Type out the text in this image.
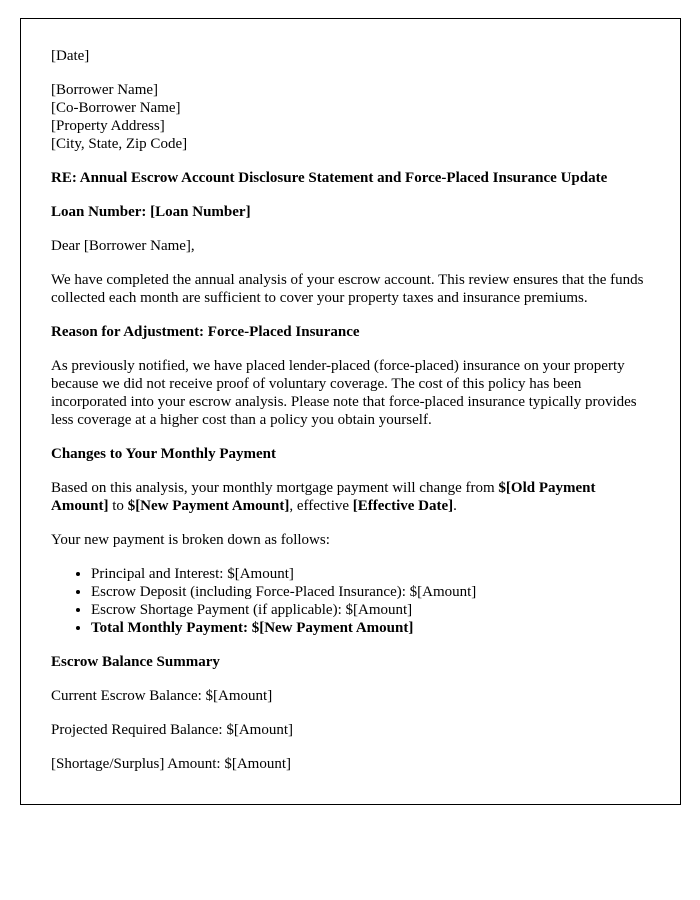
[Date]

[Borrower Name]
[Co-Borrower Name]
[Property Address]
[City, State, Zip Code]

RE: Annual Escrow Account Disclosure Statement and Force-Placed Insurance Update

Loan Number: [Loan Number]

Dear [Borrower Name],

We have completed the annual analysis of your escrow account. This review ensures that the funds collected each month are sufficient to cover your property taxes and insurance premiums.

Reason for Adjustment: Force-Placed Insurance

As previously notified, we have placed lender-placed (force-placed) insurance on your property because we did not receive proof of voluntary coverage. The cost of this policy has been incorporated into your escrow analysis. Please note that force-placed insurance typically provides less coverage at a higher cost than a policy you obtain yourself.

Changes to Your Monthly Payment

Based on this analysis, your monthly mortgage payment will change from $[Old Payment Amount] to $[New Payment Amount], effective [Effective Date].

Your new payment is broken down as follows:

• Principal and Interest: $[Amount]
• Escrow Deposit (including Force-Placed Insurance): $[Amount]
• Escrow Shortage Payment (if applicable): $[Amount]
• Total Monthly Payment: $[New Payment Amount]

Escrow Balance Summary

Current Escrow Balance: $[Amount]

Projected Required Balance: $[Amount]

[Shortage/Surplus] Amount: $[Amount]
